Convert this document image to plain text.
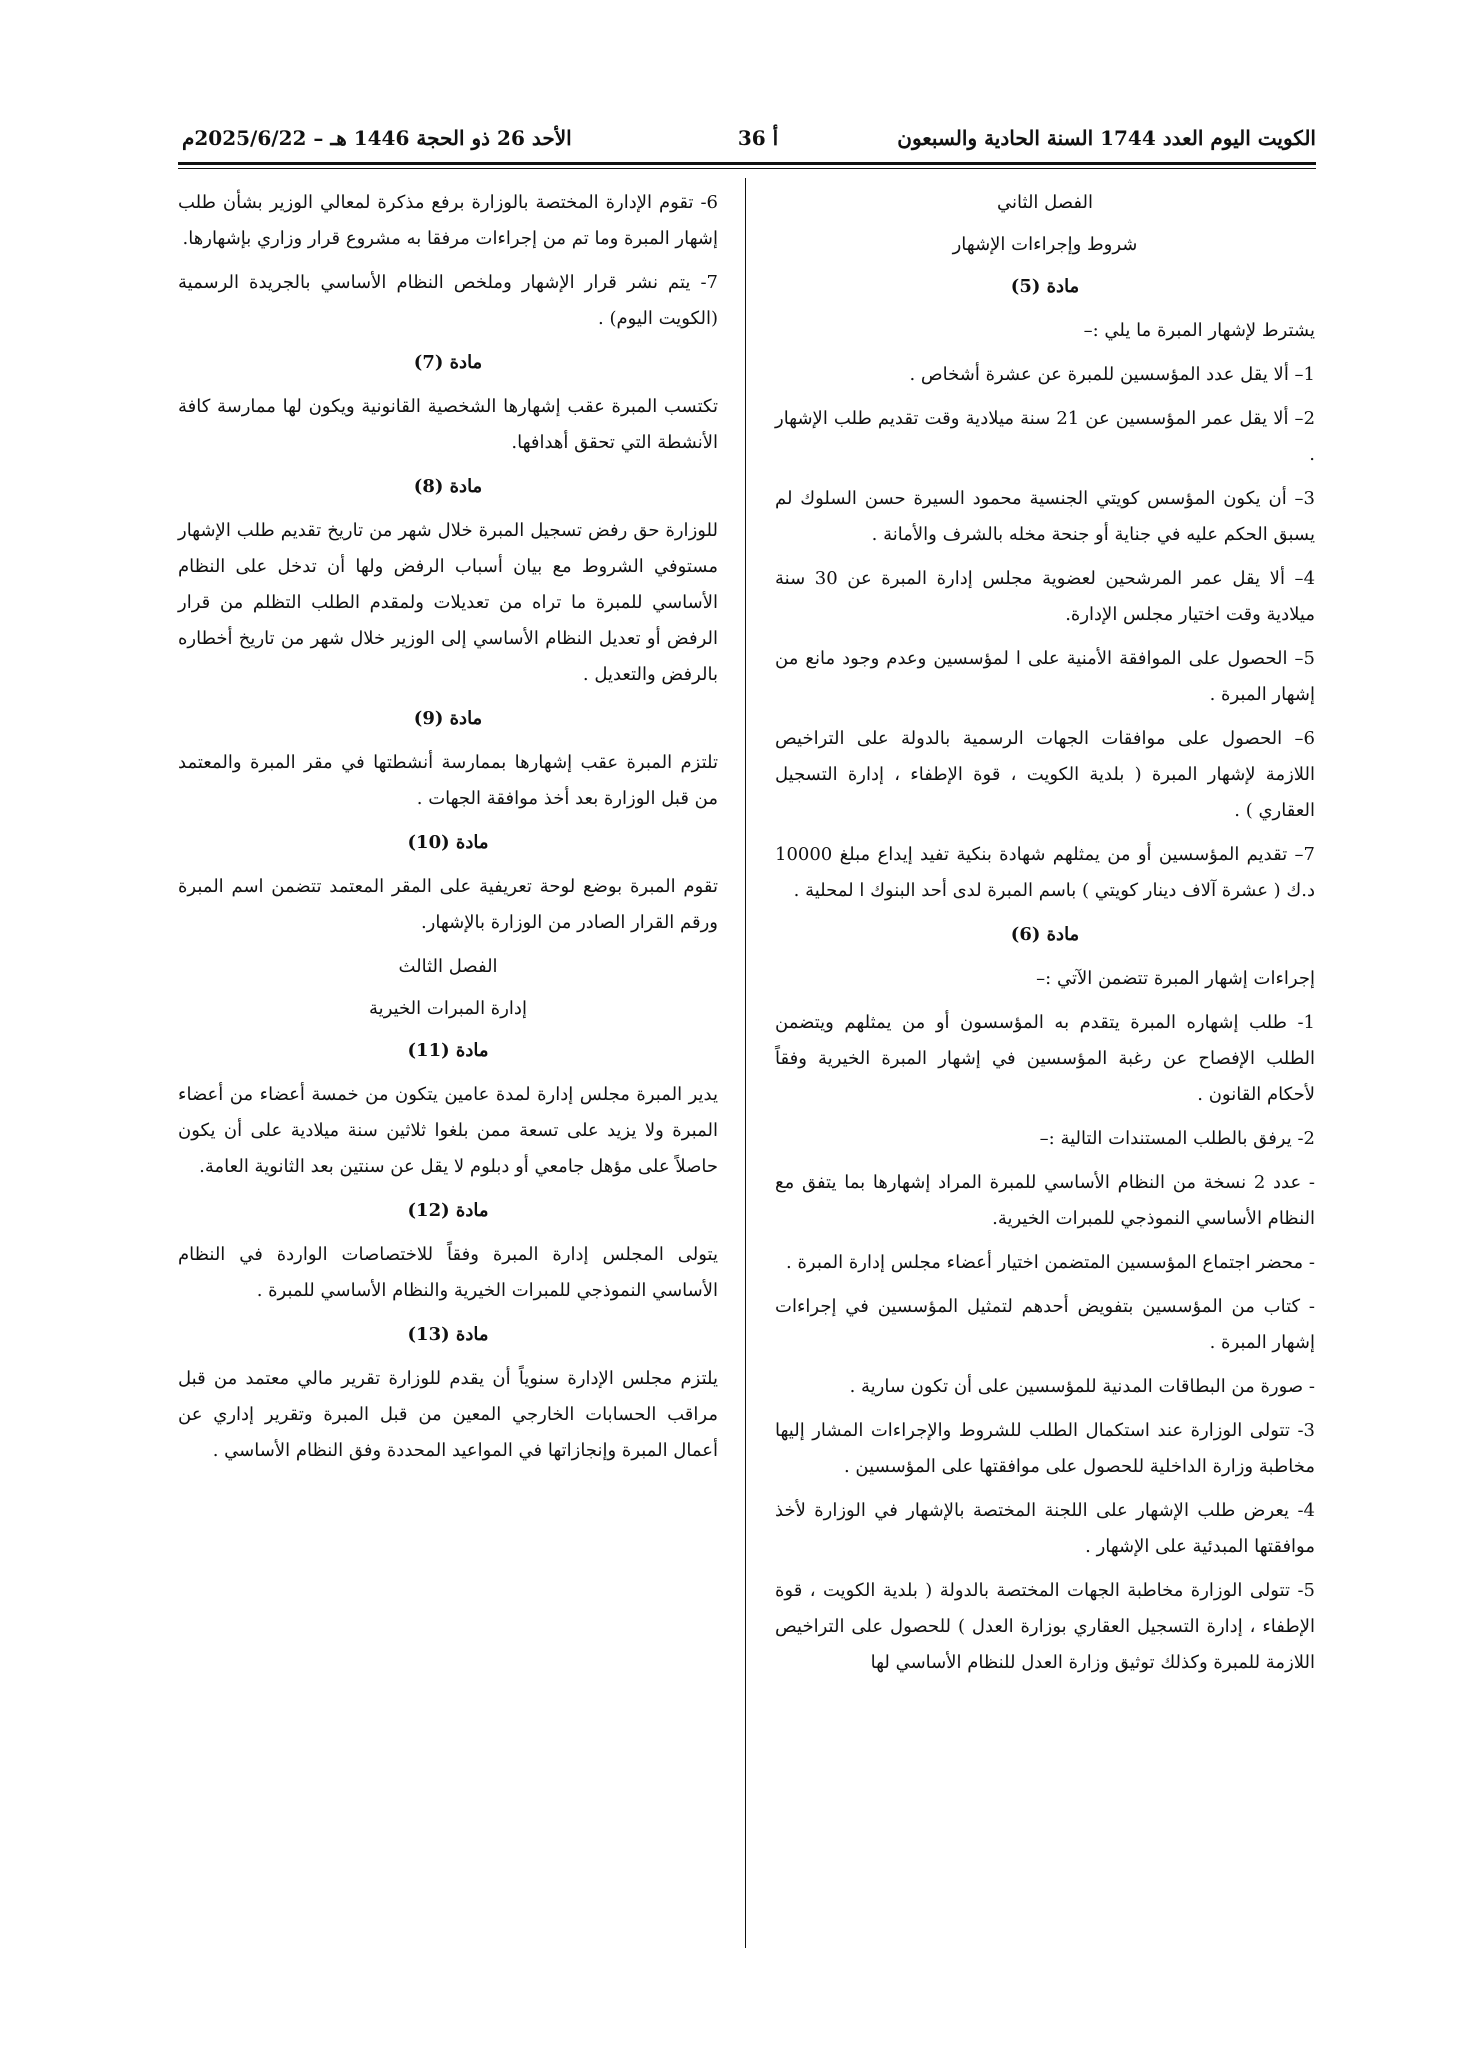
الكويت اليوم العدد 1744 السنة الحادية والسبعون
أ 36
الأحد 26 ذو الحجة 1446 هـ – 2025/6/22م

الفصل الثاني

شروط وإجراءات الإشهار

مادة (5)

يشترط لإشهار المبرة ما يلي :–

1– ألا يقل عدد المؤسسين للمبرة عن عشرة أشخاص .

2– ألا يقل عمر المؤسسين عن 21 سنة ميلادية وقت تقديم طلب الإشهار .

3– أن يكون المؤسس كويتي الجنسية محمود السيرة حسن السلوك لم يسبق الحكم عليه في جناية أو جنحة مخله بالشرف والأمانة .

4– ألا يقل عمر المرشحين لعضوية مجلس إدارة المبرة عن 30 سنة ميلادية وقت اختيار مجلس الإدارة.

5– الحصول على الموافقة الأمنية على ا لمؤسسين وعدم وجود مانع من إشهار المبرة .

6– الحصول على موافقات الجهات الرسمية بالدولة على التراخيص اللازمة لإشهار المبرة ( بلدية الكويت ، قوة الإطفاء ، إدارة التسجيل العقاري ) .

7– تقديم المؤسسين أو من يمثلهم شهادة بنكية تفيد إيداع مبلغ 10000 د.ك ( عشرة آلاف دينار كويتي ) باسم المبرة لدى أحد البنوك ا لمحلية .

مادة (6)

إجراءات إشهار المبرة تتضمن الآتي :–

1- طلب إشهاره المبرة يتقدم به المؤسسون أو من يمثلهم ويتضمن الطلب الإفصاح عن رغبة المؤسسين في إشهار المبرة الخيرية وفقاً لأحكام القانون .

2- يرفق بالطلب المستندات التالية :–

- عدد 2 نسخة من النظام الأساسي للمبرة المراد إشهارها بما يتفق مع النظام الأساسي النموذجي للمبرات الخيرية.

- محضر اجتماع المؤسسين المتضمن اختيار أعضاء مجلس إدارة المبرة .

- كتاب من المؤسسين بتفويض أحدهم لتمثيل المؤسسين في إجراءات إشهار المبرة .

- صورة من البطاقات المدنية للمؤسسين على أن تكون سارية .

3- تتولى الوزارة عند استكمال الطلب للشروط والإجراءات المشار إليها مخاطبة وزارة الداخلية للحصول على موافقتها على المؤسسين .

4- يعرض طلب الإشهار على اللجنة المختصة بالإشهار في الوزارة لأخذ موافقتها المبدئية على الإشهار .

5- تتولى الوزارة مخاطبة الجهات المختصة بالدولة ( بلدية الكويت ، قوة الإطفاء ، إدارة التسجيل العقاري بوزارة العدل ) للحصول على التراخيص اللازمة للمبرة وكذلك توثيق وزارة العدل للنظام الأساسي لها

6- تقوم الإدارة المختصة بالوزارة برفع مذكرة لمعالي الوزير بشأن طلب إشهار المبرة وما تم من إجراءات مرفقا به مشروع قرار وزاري بإشهارها.

7- يتم نشر قرار الإشهار وملخص النظام الأساسي بالجريدة الرسمية (الكويت اليوم) .

مادة (7)

تكتسب المبرة عقب إشهارها الشخصية القانونية ويكون لها ممارسة كافة الأنشطة التي تحقق أهدافها.

مادة (8)

للوزارة حق رفض تسجيل المبرة خلال شهر من تاريخ تقديم طلب الإشهار مستوفي الشروط مع بيان أسباب الرفض ولها أن تدخل على النظام الأساسي للمبرة ما تراه من تعديلات ولمقدم الطلب التظلم من قرار الرفض أو تعديل النظام الأساسي إلى الوزير خلال شهر من تاريخ أخطاره بالرفض والتعديل .

مادة (9)

تلتزم المبرة عقب إشهارها بممارسة أنشطتها في مقر المبرة والمعتمد من قبل الوزارة بعد أخذ موافقة الجهات .

مادة (10)

تقوم المبرة بوضع لوحة تعريفية على المقر المعتمد تتضمن اسم المبرة ورقم القرار الصادر من الوزارة بالإشهار.

الفصل الثالث

إدارة المبرات الخيرية

مادة (11)

يدير المبرة مجلس إدارة لمدة عامين يتكون من خمسة أعضاء من أعضاء المبرة ولا يزيد على تسعة ممن بلغوا ثلاثين سنة ميلادية على أن يكون حاصلاً على مؤهل جامعي أو دبلوم لا يقل عن سنتين بعد الثانوية العامة.

مادة (12)

يتولى المجلس إدارة المبرة وفقاً للاختصاصات الواردة في النظام الأساسي النموذجي للمبرات الخيرية والنظام الأساسي للمبرة .

مادة (13)

يلتزم مجلس الإدارة سنوياً أن يقدم للوزارة تقرير مالي معتمد من قبل مراقب الحسابات الخارجي المعين من قبل المبرة وتقرير إداري عن أعمال المبرة وإنجازاتها في المواعيد المحددة وفق النظام الأساسي .
